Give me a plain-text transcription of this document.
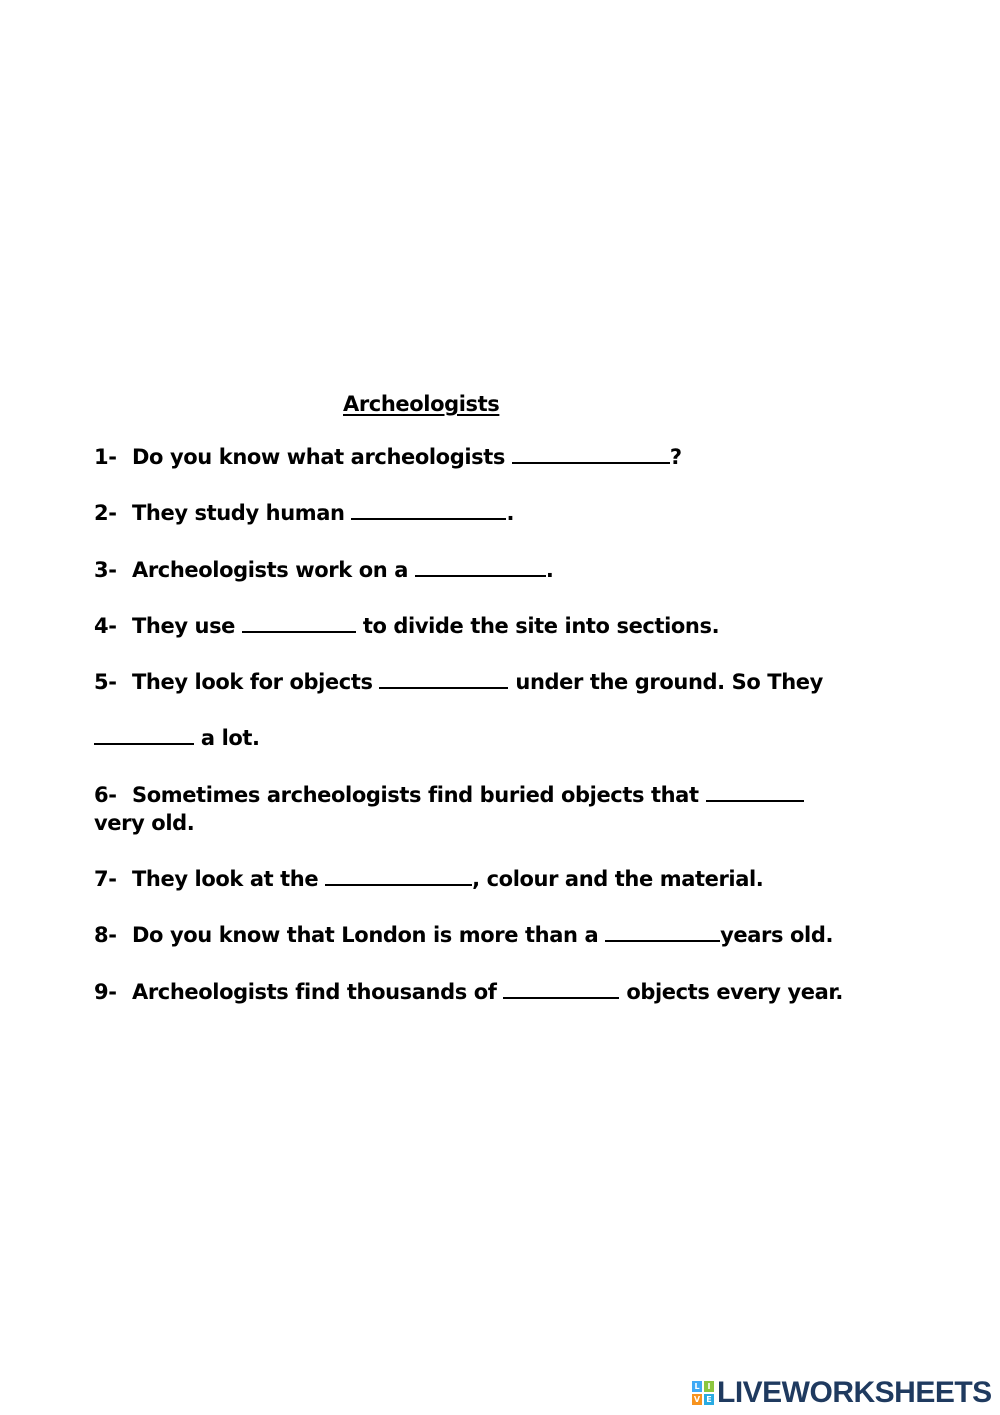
Archeologists
1- Do you know what archeologists	?
2- They study human	.
3- Archeologists work on a	.
4- They use	to divide the site into sections.
5- They look for objects	under the ground. So They
a lot.
6- Sometimes archeologists find buried objects that
very old.
7- They look at the	, colour and the material.
8- Do you know that London is more than a	years old.
9- Archeologists find thousands of	objects every year.
L I
V E LIVEWORKSHEETS
